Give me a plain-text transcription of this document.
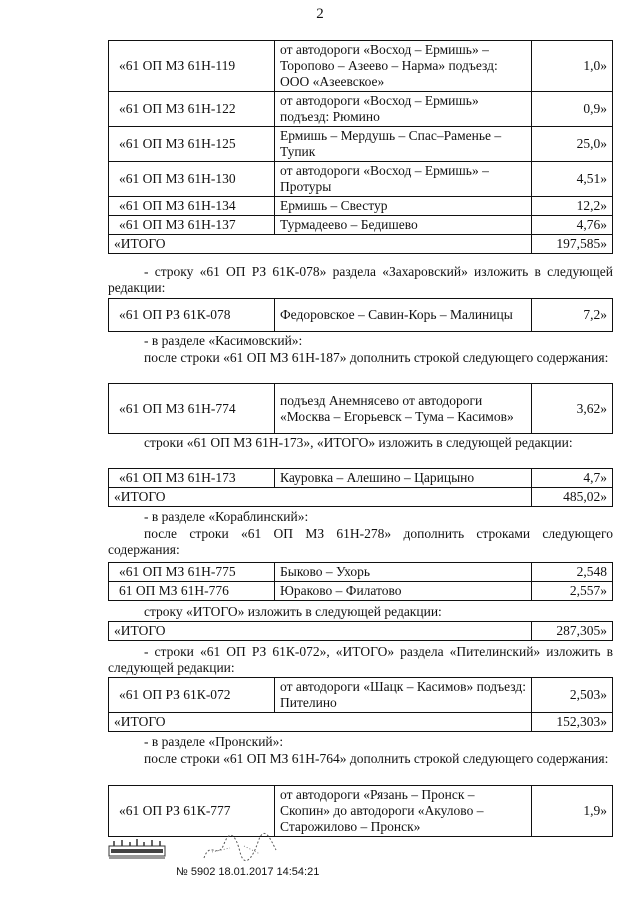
2
«61 ОП МЗ 61Н-119	от автодороги «Восход – Ермишь» – Торопово – Азеево – Нарма» подъезд: ООО «Азеевское»	1,0»
«61 ОП МЗ 61Н-122	от автодороги «Восход – Ермишь» подъезд: Рюмино	0,9»
«61 ОП МЗ 61Н-125	Ермишь – Мердушь – Спас–Раменье – Тупик	25,0»
«61 ОП МЗ 61Н-130	от автодороги «Восход – Ермишь» – Протуры	4,51»
«61 ОП МЗ 61Н-134	Ермишь – Свестур	12,2»
«61 ОП МЗ 61Н-137	Турмадеево – Бедишево	4,76»
«ИТОГО		197,585»
- строку «61 ОП РЗ 61К-078» раздела «Захаровский» изложить в следующей редакции:
«61 ОП РЗ 61К-078	Федоровское – Савин-Корь – Малиницы	7,2»
- в разделе «Касимовский»:
после строки «61 ОП МЗ 61Н-187» дополнить строкой следующего содержания:
«61 ОП МЗ 61Н-774	подъезд Анемнясево от автодороги «Москва – Егорьевск – Тума – Касимов»	3,62»
строки «61 ОП МЗ 61Н-173», «ИТОГО» изложить в следующей редакции:
«61 ОП МЗ 61Н-173	Кауровка – Алешино – Царицыно	4,7»
«ИТОГО		485,02»
- в разделе «Кораблинский»:
после строки «61 ОП МЗ 61Н-278» дополнить строками следующего содержания:
«61 ОП МЗ 61Н-775	Быково – Ухорь	2,548
61 ОП МЗ 61Н-776	Юраково – Филатово	2,557»
строку «ИТОГО» изложить в следующей редакции:
«ИТОГО	287,305»
- строки «61 ОП РЗ 61К-072», «ИТОГО» раздела «Пителинский» изложить в следующей редакции:
«61 ОП РЗ 61К-072	от автодороги «Шацк – Касимов» подъезд: Пителино	2,503»
«ИТОГО		152,303»
- в разделе «Пронский»:
после строки «61 ОП МЗ 61Н-764» дополнить строкой следующего содержания:
«61 ОП РЗ 61К-777	от автодороги «Рязань – Пронск – Скопин» до автодороги «Акулово – Старожилово – Пронск»	1,9»
№ 5902 18.01.2017 14:54:21
